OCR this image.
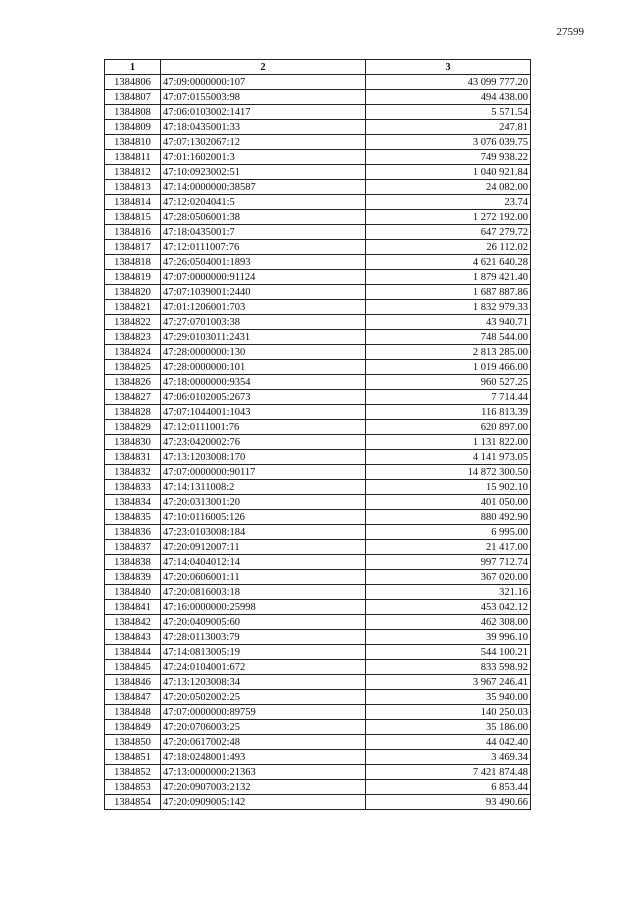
27599
1	2	3
1384806	47:09:0000000:107	43 099 777.20
1384807	47:07:0155003:98	494 438.00
1384808	47:06:0103002:1417	5 571.54
1384809	47:18:0435001:33	247.81
1384810	47:07:1302067:12	3 076 039.75
1384811	47:01:1602001:3	749 938.22
1384812	47:10:0923002:51	1 040 921.84
1384813	47:14:0000000:38587	24 082.00
1384814	47:12:0204041:5	23.74
1384815	47:28:0506001:38	1 272 192.00
1384816	47:18:0435001:7	647 279.72
1384817	47:12:0111007:76	26 112.02
1384818	47:26:0504001:1893	4 621 640.28
1384819	47:07:0000000:91124	1 879 421.40
1384820	47:07:1039001:2440	1 687 887.86
1384821	47:01:1206001:703	1 832 979.33
1384822	47:27:0701003:38	43 940.71
1384823	47:29:0103011:2431	748 544.00
1384824	47:28:0000000:130	2 813 285.00
1384825	47:28:0000000:101	1 019 466.00
1384826	47:18:0000000:9354	960 527.25
1384827	47:06:0102005:2673	7 714.44
1384828	47:07:1044001:1043	116 813.39
1384829	47:12:0111001:76	620 897.00
1384830	47:23:0420002:76	1 131 822.00
1384831	47:13:1203008:170	4 141 973.05
1384832	47:07:0000000:90117	14 872 300.50
1384833	47:14:1311008:2	15 902.10
1384834	47:20:0313001:20	401 050.00
1384835	47:10:0116005:126	880 492.90
1384836	47:23:0103008:184	6 995.00
1384837	47:20:0912007:11	21 417.00
1384838	47:14:0404012:14	997 712.74
1384839	47:20:0606001:11	367 020.00
1384840	47:20:0816003:18	321.16
1384841	47:16:0000000:25998	453 042.12
1384842	47:20:0409005:60	462 308.00
1384843	47:28:0113003:79	39 996.10
1384844	47:14:0813005:19	544 100.21
1384845	47:24:0104001:672	833 598.92
1384846	47:13:1203008:34	3 967 246.41
1384847	47:20:0502002:25	35 940.00
1384848	47:07:0000000:89759	140 250.03
1384849	47:20:0706003:25	35 186.00
1384850	47:20:0617002:48	44 042.40
1384851	47:18:0248001:493	3 469.34
1384852	47:13:0000000:21363	7 421 874.48
1384853	47:20:0907003:2132	6 853.44
1384854	47:20:0909005:142	93 490.66
